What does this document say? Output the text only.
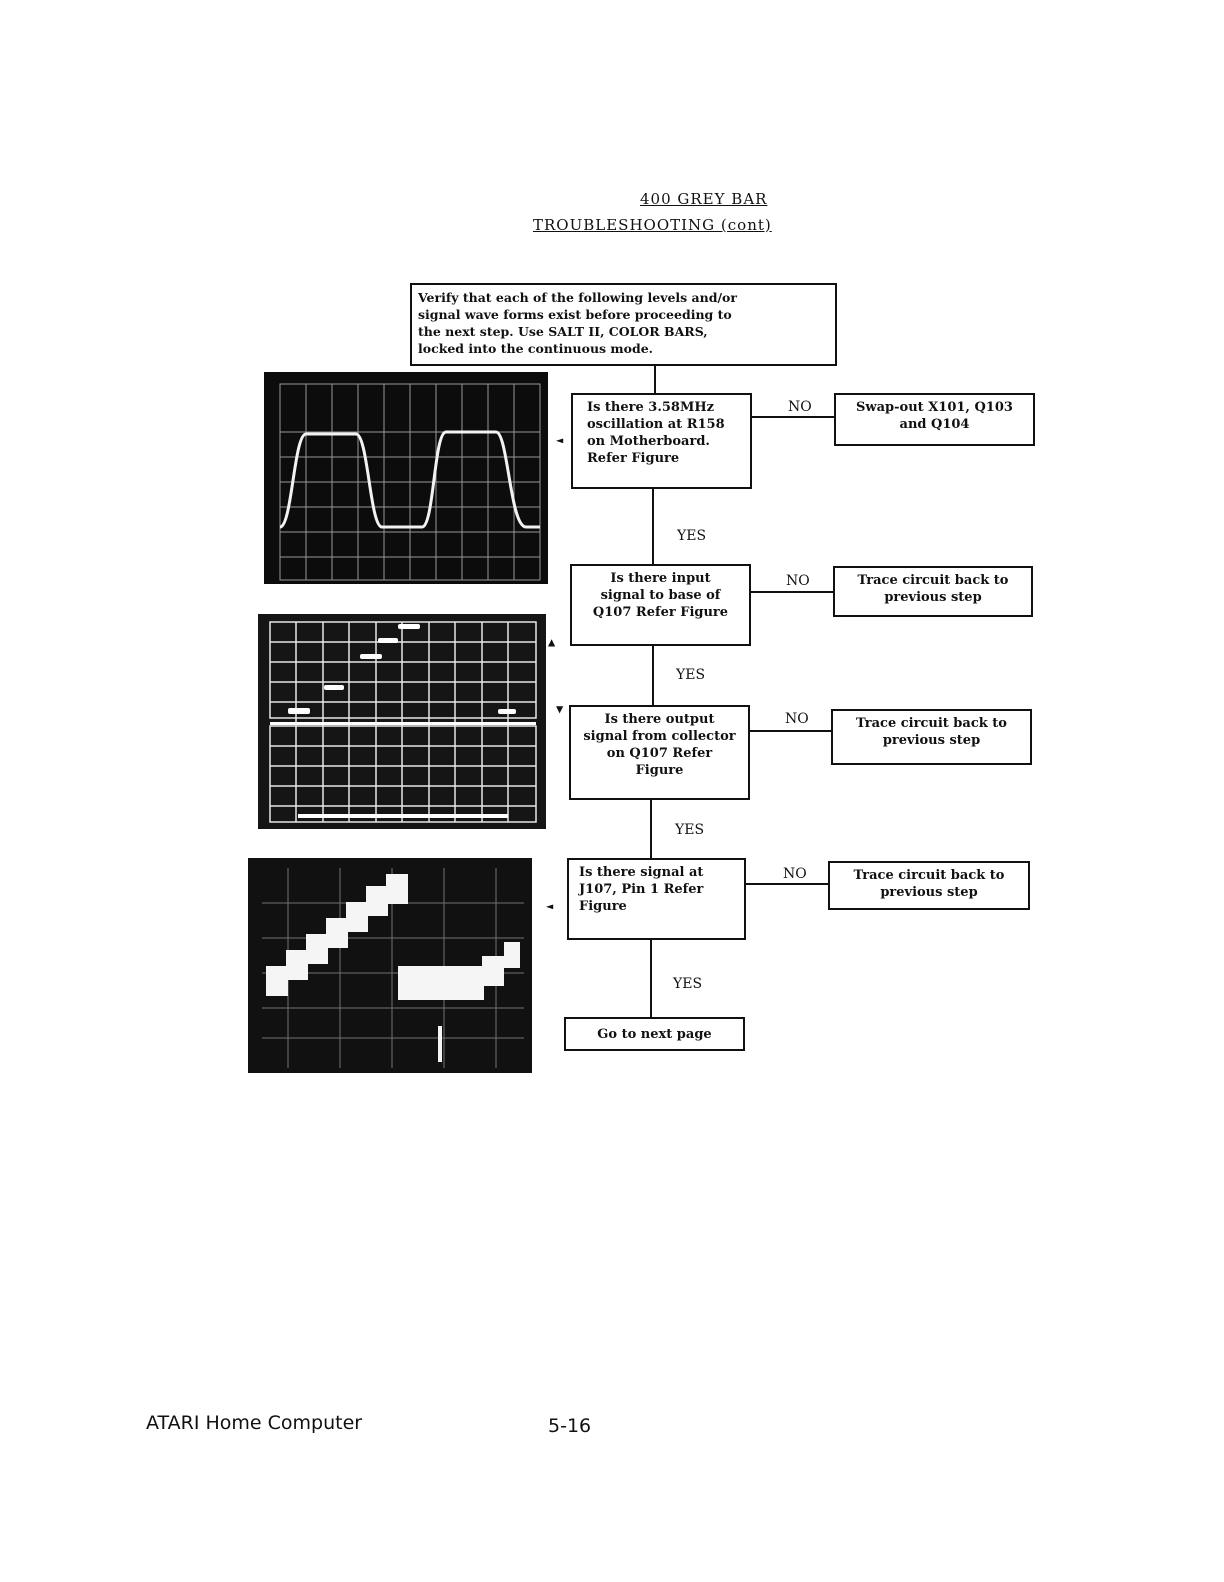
400 GREY BAR
TROUBLESHOOTING (cont)
Verify that each of the following levels and/or
signal wave forms exist before proceeding to
the next step. Use SALT II, COLOR BARS,
locked into the continuous mode.
Is there 3.58MHz
oscillation at R158
on Motherboard.
Refer Figure
NO	Swap-out X101, Q103
and Q104
YES
Is there input
signal to base of
Q107 Refer Figure
NO	Trace circuit back to
previous step
YES
Is there output
signal from collector
on Q107 Refer
Figure
NO	Trace circuit back to
previous step
YES
Is there signal at
J107, Pin 1 Refer
Figure
NO	Trace circuit back to
previous step
YES
Go to next page
◄
▲
▼
◄
ATARI Home Computer	5-16
